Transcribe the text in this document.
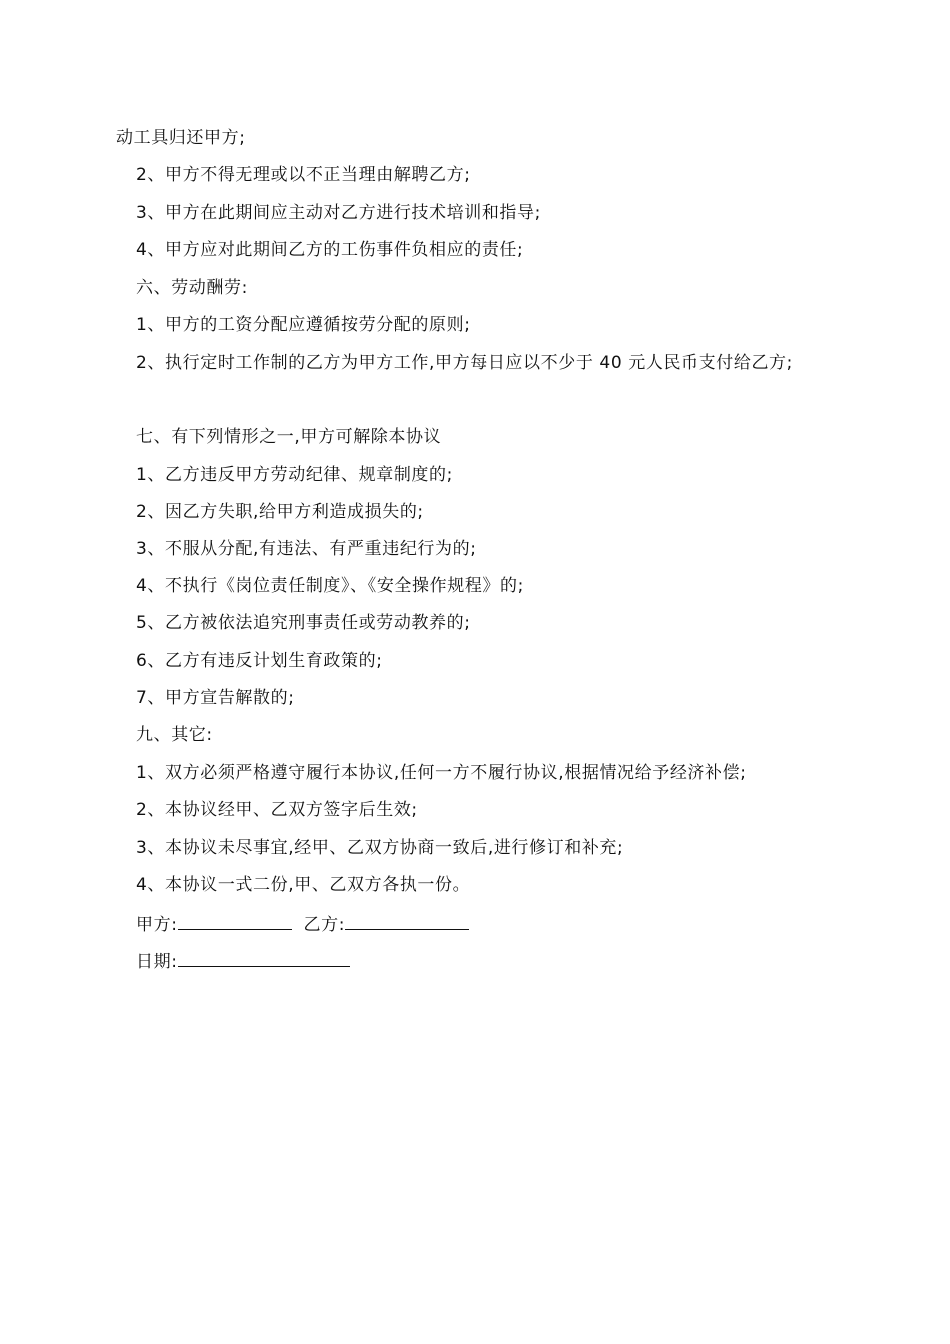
动工具归还甲方;
2、甲方不得无理或以不正当理由解聘乙方;
3、甲方在此期间应主动对乙方进行技术培训和指导;
4、甲方应对此期间乙方的工伤事件负相应的责任;
六、劳动酬劳:
1、甲方的工资分配应遵循按劳分配的原则;
2、执行定时工作制的乙方为甲方工作,甲方每日应以不少于 40 元人民币支付给乙方;
七、有下列情形之一,甲方可解除本协议
1、乙方违反甲方劳动纪律、规章制度的;
2、因乙方失职,给甲方利造成损失的;
3、不服从分配,有违法、有严重违纪行为的;
4、不执行《岗位责任制度》、《安全操作规程》的;
5、乙方被依法追究刑事责任或劳动教养的;
6、乙方有违反计划生育政策的;
7、甲方宣告解散的;
九、其它:
1、双方必须严格遵守履行本协议,任何一方不履行协议,根据情况给予经济补偿;
2、本协议经甲、乙双方签字后生效;
3、本协议未尽事宜,经甲、乙双方协商一致后,进行修订和补充;
4、本协议一式二份,甲、乙双方各执一份。
甲方:	乙方:
日期:
